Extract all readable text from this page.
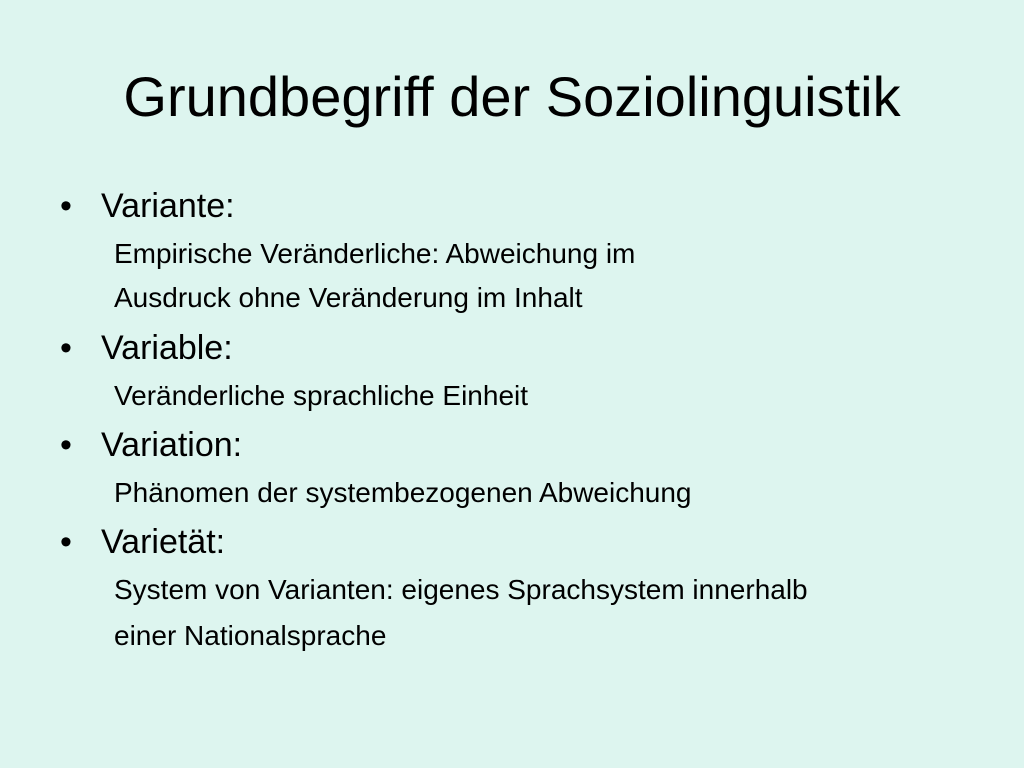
Grundbegriff der Soziolinguistik
• Variante:
Empirische Veränderliche: Abweichung im
Ausdruck ohne Veränderung im Inhalt
• Variable:
Veränderliche sprachliche Einheit
• Variation:
Phänomen der systembezogenen Abweichung
• Varietät:
System von Varianten: eigenes Sprachsystem innerhalb
einer Nationalsprache
